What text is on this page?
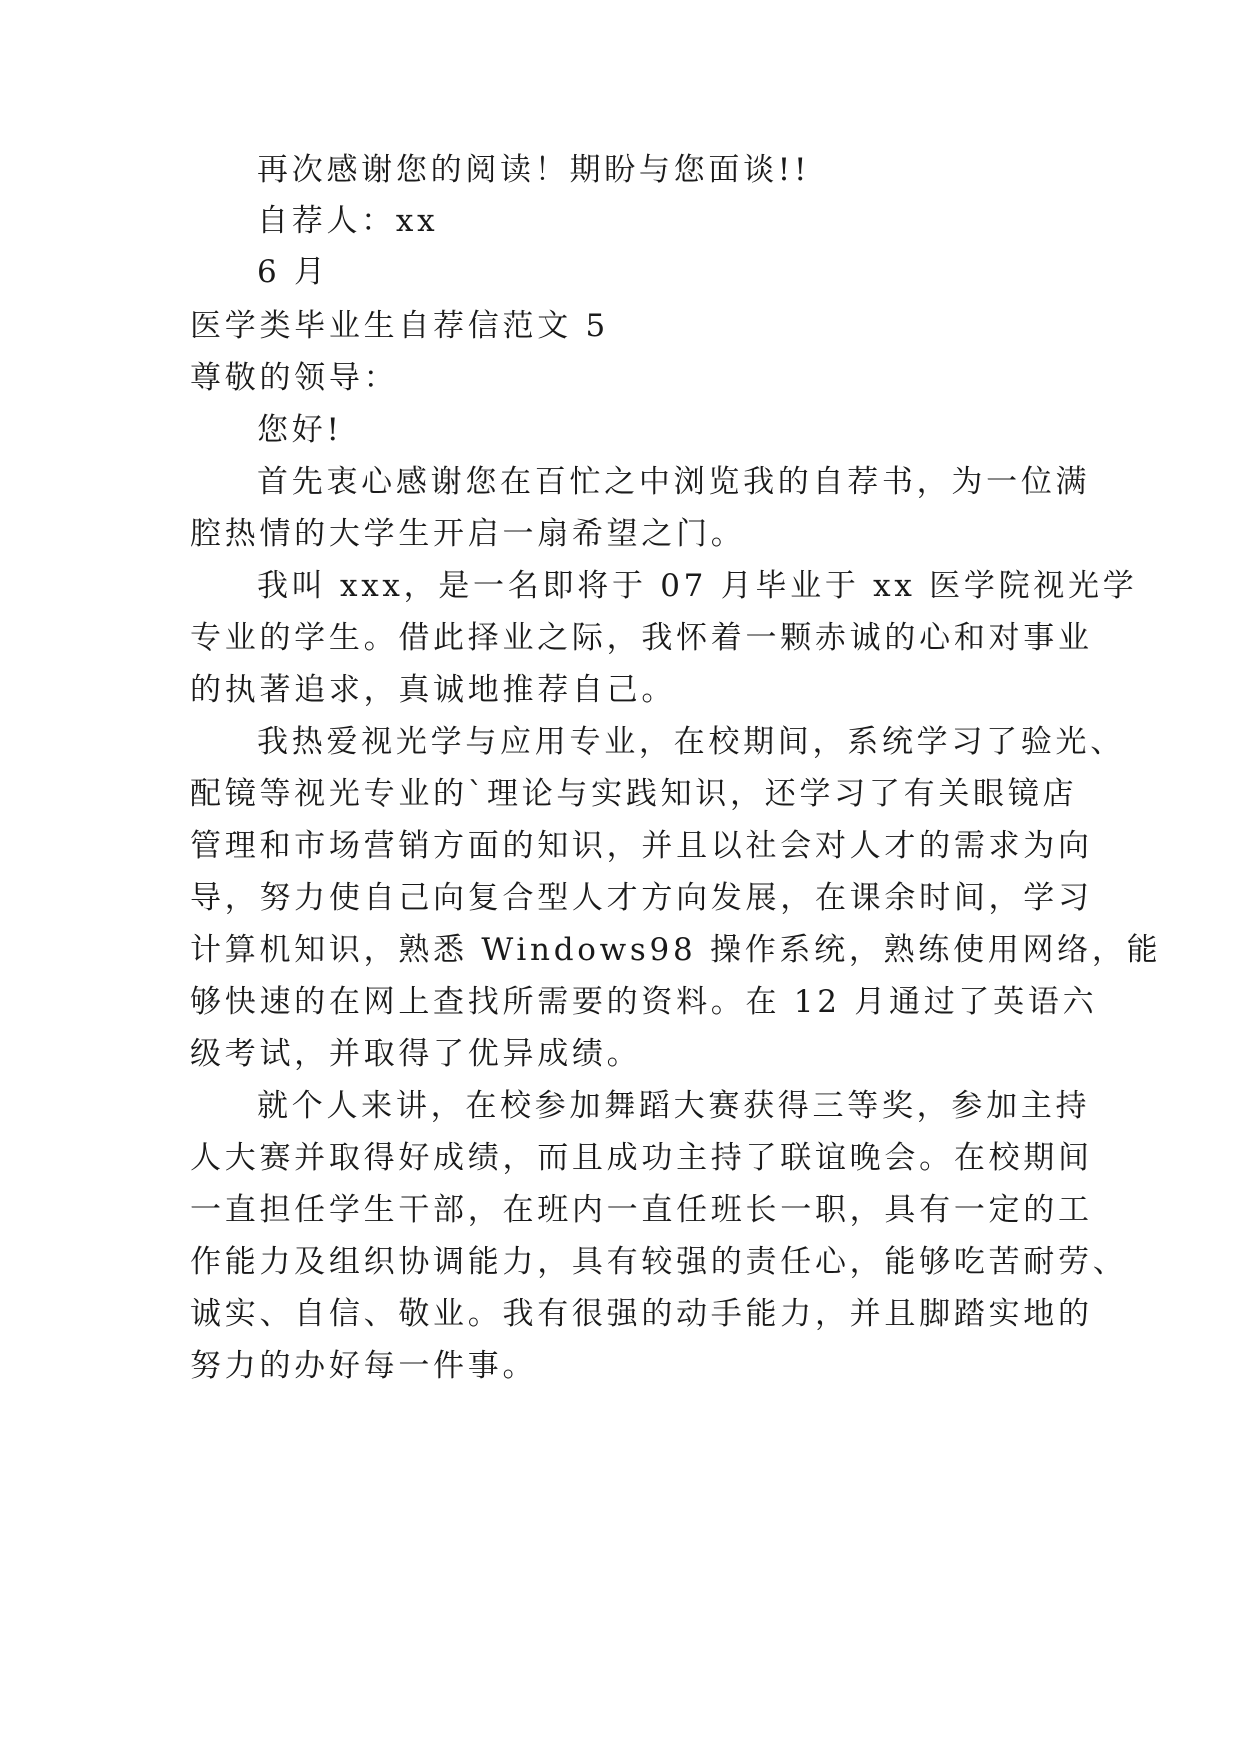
再次感谢您的阅读！期盼与您面谈!!
自荐人：xx
6 月
医学类毕业生自荐信范文 5
尊敬的领导：
您好!
首先衷心感谢您在百忙之中浏览我的自荐书，为一位满
腔热情的大学生开启一扇希望之门。
我叫 xxx，是一名即将于 07 月毕业于 xx 医学院视光学
专业的学生。借此择业之际，我怀着一颗赤诚的心和对事业
的执著追求，真诚地推荐自己。
我热爱视光学与应用专业，在校期间，系统学习了验光、
配镜等视光专业的`理论与实践知识，还学习了有关眼镜店
管理和市场营销方面的知识，并且以社会对人才的需求为向
导，努力使自己向复合型人才方向发展，在课余时间，学习
计算机知识，熟悉 Windows98 操作系统，熟练使用网络，能
够快速的在网上查找所需要的资料。在 12 月通过了英语六
级考试，并取得了优异成绩。
就个人来讲，在校参加舞蹈大赛获得三等奖，参加主持
人大赛并取得好成绩，而且成功主持了联谊晚会。在校期间
一直担任学生干部，在班内一直任班长一职，具有一定的工
作能力及组织协调能力，具有较强的责任心，能够吃苦耐劳、
诚实、自信、敬业。我有很强的动手能力，并且脚踏实地的
努力的办好每一件事。
